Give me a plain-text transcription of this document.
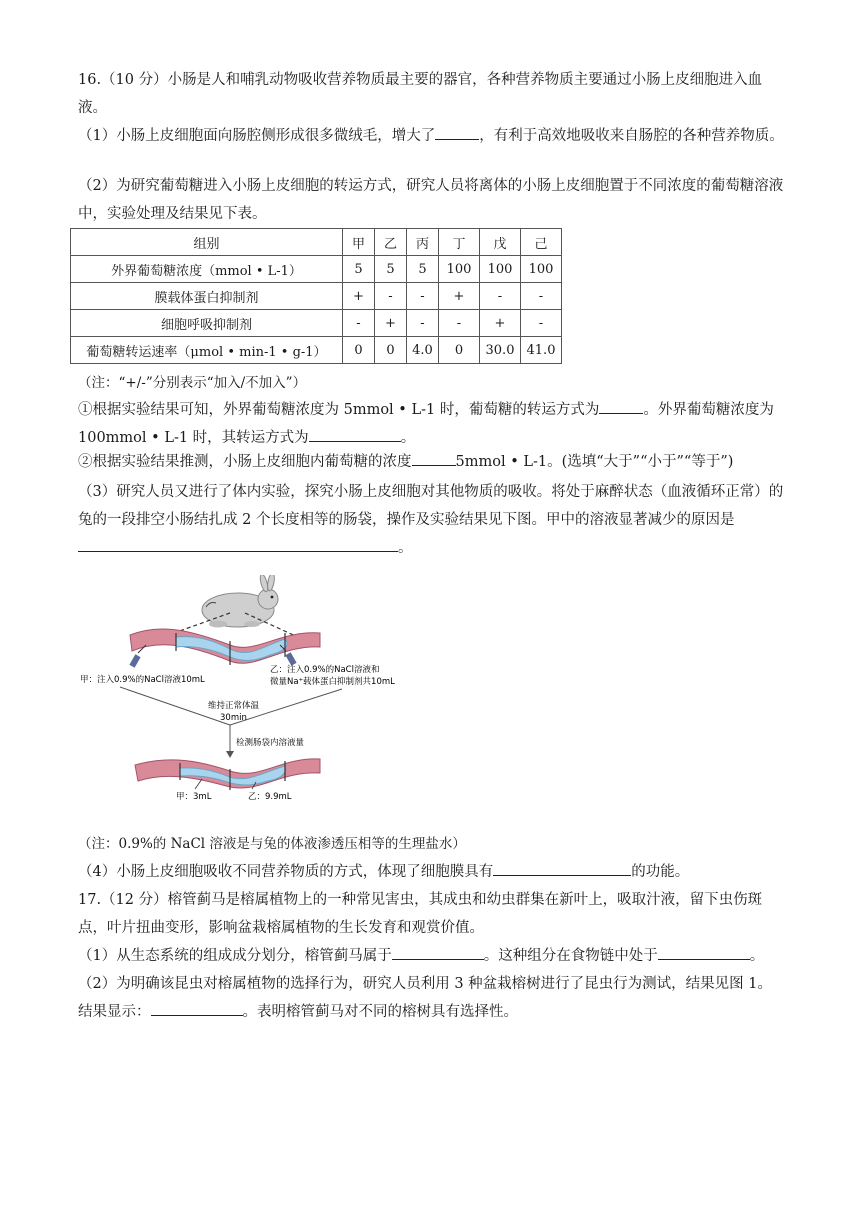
16.（10 分）小肠是人和哺乳动物吸收营养物质最主要的器官，各种营养物质主要通过小肠上皮细胞进入血液。

（1）小肠上皮细胞面向肠腔侧形成很多微绒毛，增大了	，有利于高效地吸收来自肠腔的各种营养物质。

（2）为研究葡萄糖进入小肠上皮细胞的转运方式，研究人员将离体的小肠上皮细胞置于不同浓度的葡萄糖溶液中，实验处理及结果见下表。

组别	甲	乙	丙	丁	戊	己
外界葡萄糖浓度（mmol • L-1）	5	5	5	100	100	100
膜载体蛋白抑制剂	+	-	-	+	-	-
细胞呼吸抑制剂	-	+	-	-	+	-
葡萄糖转运速率（μmol • min-1 • g-1）	0	0	4.0	0	30.0	41.0

（注：“+/-”分别表示“加入/不加入”）

①根据实验结果可知，外界葡萄糖浓度为 5mmol • L-1 时，葡萄糖的转运方式为	。外界葡萄糖浓度为 100mmol • L-1 时，其转运方式为	。

②根据实验结果推测，小肠上皮细胞内葡萄糖的浓度	5mmol • L-1。(选填“大于”“小于”“等于”)

（3）研究人员又进行了体内实验，探究小肠上皮细胞对其他物质的吸收。将处于麻醉状态（血液循环正常）的兔的一段排空小肠结扎成 2 个长度相等的肠袋，操作及实验结果见下图。甲中的溶液显著减少的原因是
。

甲：注入0.9%的NaCl溶液10mL
乙：注入0.9%的NaCl溶液和
微量Na⁺载体蛋白抑制剂共10mL
维持正常体温
30min
检测肠袋内溶液量
甲：3mL	乙：9.9mL

（注：0.9%的 NaCl 溶液是与兔的体液渗透压相等的生理盐水）

（4）小肠上皮细胞吸收不同营养物质的方式，体现了细胞膜具有	的功能。

17.（12 分）榕管蓟马是榕属植物上的一种常见害虫，其成虫和幼虫群集在新叶上，吸取汁液，留下虫伤斑点，叶片扭曲变形，影响盆栽榕属植物的生长发育和观赏价值。

（1）从生态系统的组成成分划分，榕管蓟马属于	。这种组分在食物链中处于	。

（2）为明确该昆虫对榕属植物的选择行为，研究人员利用 3 种盆栽榕树进行了昆虫行为测试，结果见图 1。结果显示：	。表明榕管蓟马对不同的榕树具有选择性。
